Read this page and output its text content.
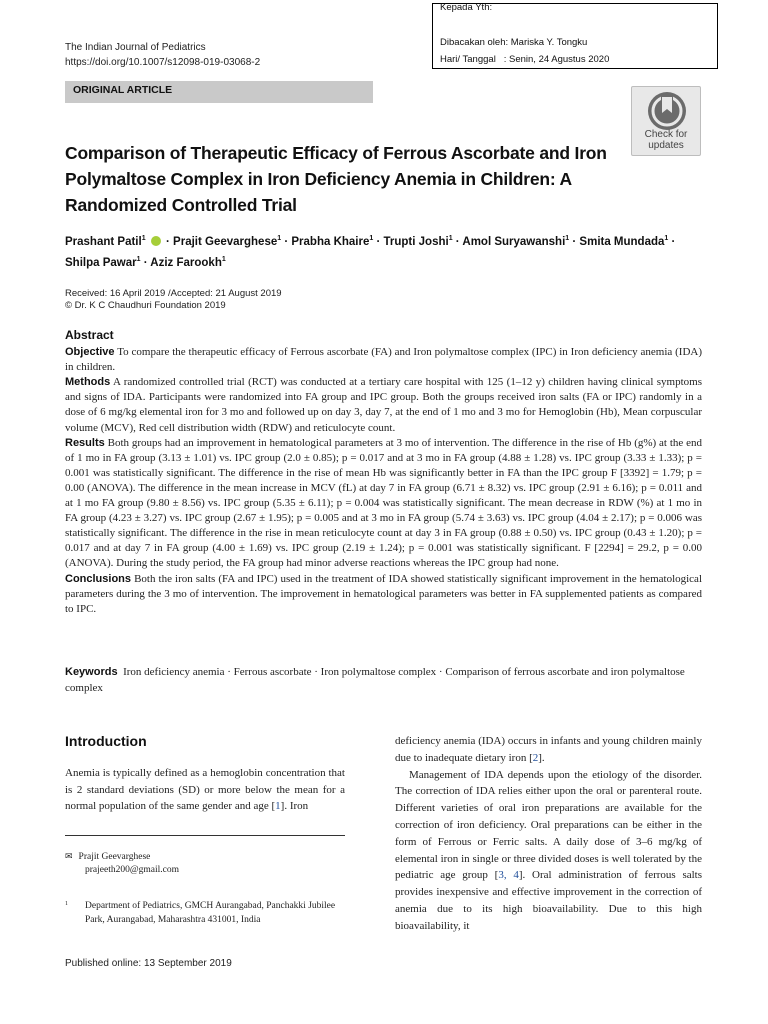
Kepada Yth:
Dibacakan oleh: Mariska Y. Tongku
Hari/ Tanggal   : Senin, 24 Agustus 2020
The Indian Journal of Pediatrics
https://doi.org/10.1007/s12098-019-03068-2
ORIGINAL ARTICLE
Check for
updates
Comparison of Therapeutic Efficacy of Ferrous Ascorbate and Iron Polymaltose Complex in Iron Deficiency Anemia in Children: A Randomized Controlled Trial
Prashant Patil$^1$  · Prajit Geevarghese$^1$ · Prabha Khaire$^1$ · Trupti Joshi$^1$ · Amol Suryawanshi$^1$ · Smita Mundada$^1$ ·
Shilpa Pawar$^1$ · Aziz Farookh$^1$
Received: 16 April 2019 /Accepted: 21 August 2019
© Dr. K C Chaudhuri Foundation 2019
Abstract

Objective To compare the therapeutic efficacy of Ferrous ascorbate (FA) and Iron polymaltose complex (IPC) in Iron deficiency anemia (IDA) in children.

Methods A randomized controlled trial (RCT) was conducted at a tertiary care hospital with 125 (1–12 y) children having clinical symptoms and signs of IDA. Participants were randomized into FA group and IPC group. Both the groups received iron salts (FA or IPC) randomly in a dose of 6 mg/kg elemental iron for 3 mo and followed up on day 3, day 7, at the end of 1 mo and 3 mo for Hemoglobin (Hb), Mean corpuscular volume (MCV), Red cell distribution width (RDW) and reticulocyte count.

Results Both groups had an improvement in hematological parameters at 3 mo of intervention. The difference in the rise of Hb (g%) at the end of 1 mo in FA group (3.13 ± 1.01) vs. IPC group (2.0 ± 0.85); p = 0.017 and at 3 mo in FA group (4.88 ± 1.28) vs. IPC group (3.33 ± 1.33); p = 0.001 was statistically significant. The difference in the rise of mean Hb was significantly better in FA than the IPC group F [3392] = 1.79; p = 0.00 (ANOVA). The difference in the mean increase in MCV (fL) at day 7 in FA group (6.71 ± 8.32) vs. IPC group (2.91 ± 6.16); p = 0.011 and at 1 mo FA group (9.80 ± 8.56) vs. IPC group (5.35 ± 6.11); p = 0.004 was statistically significant. The mean decrease in RDW (%) at 1 mo in FA group (4.23 ± 3.27) vs. IPC group (2.67 ± 1.95); p = 0.005 and at 3 mo in FA group (5.74 ± 3.63) vs. IPC group (4.04 ± 2.17); p = 0.006 was statistically significant. The difference in the rise in mean reticulocyte count at day 3 in FA group (0.88 ± 0.50) vs. IPC group (0.43 ± 1.20); p = 0.017 and at day 7 in FA group (4.00 ± 1.69) vs. IPC group (2.19 ± 1.24); p = 0.001 was statistically significant. F [2294] = 29.2, p = 0.00 (ANOVA). During the study period, the FA group had minor adverse reactions whereas the IPC group had none.

Conclusions Both the iron salts (FA and IPC) used in the treatment of IDA showed statistically significant improvement in the hematological parameters during the 3 mo of intervention. The improvement in hematological parameters was better in FA supplemented patients as compared to IPC.

Keywords Iron deficiency anemia · Ferrous ascorbate · Iron polymaltose complex · Comparison of ferrous ascorbate and iron polymaltose complex
Introduction
Anemia is typically defined as a hemoglobin concentration that is 2 standard deviations (SD) or more below the mean for a normal population of the same gender and age [1]. Iron
✉ Prajit Geevarghese
prajeeth200@gmail.com
1	Department of Pediatrics, GMCH Aurangabad, Panchakki Jubilee Park, Aurangabad, Maharashtra 431001, India
Published online: 13 September 2019

deficiency anemia (IDA) occurs in infants and young children mainly due to inadequate dietary iron [2].

Management of IDA depends upon the etiology of the disorder. The correction of IDA relies either upon the oral or parenteral route. Different varieties of oral iron preparations are available for the correction of iron deficiency. Oral preparations can be either in the form of Ferrous or Ferric salts. A daily dose of 3–6 mg/kg of elemental iron in single or three divided doses is well tolerated by the pediatric age group [3, 4]. Oral administration of ferrous salts provides inexpensive and effective improvement in the correction of anemia due to its high bioavailability. Due to this high bioavailability, it
